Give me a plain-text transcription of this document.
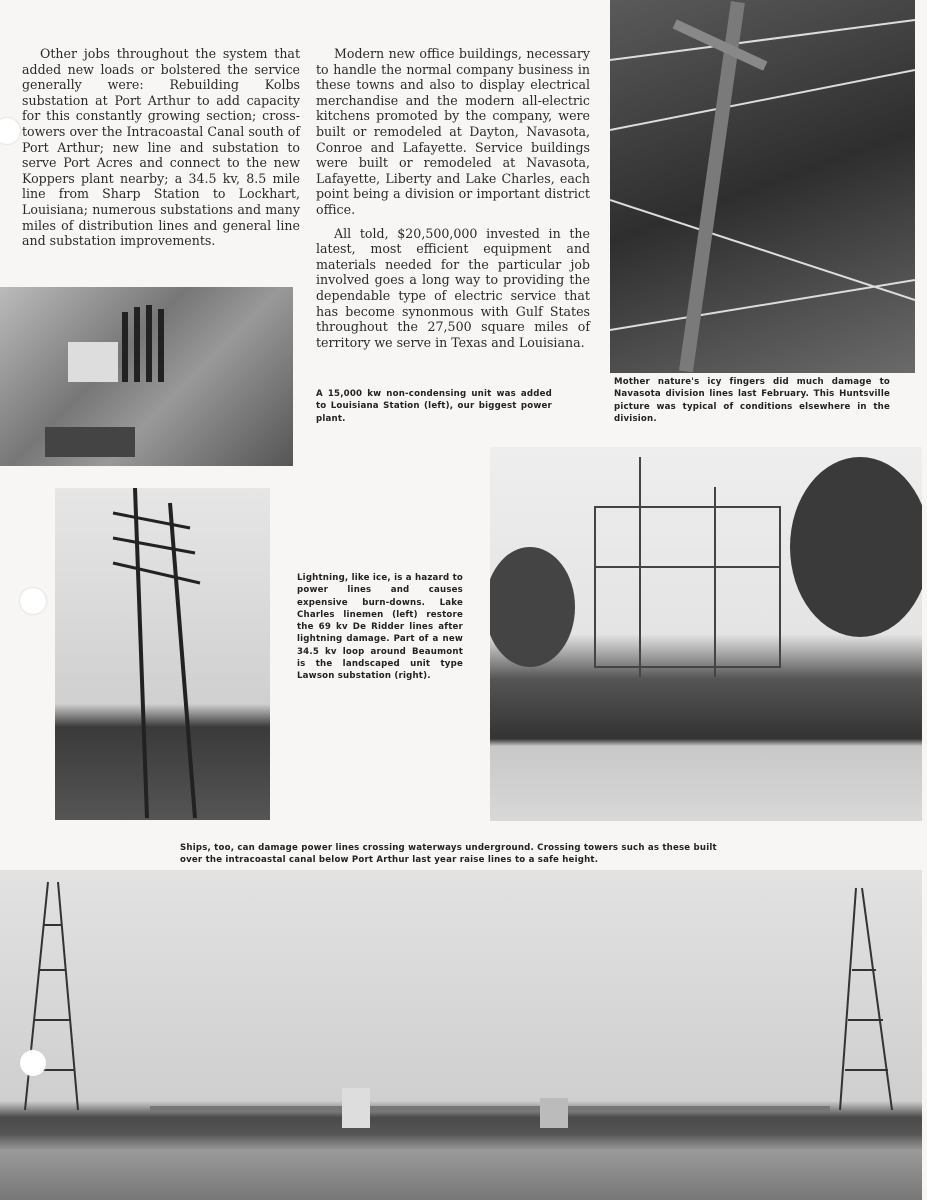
Other jobs throughout the system that added new loads or bolstered the service generally were: Rebuilding Kolbs substation at Port Arthur to add capacity for this constantly growing section; cross- towers over the Intracoastal Canal south of Port Arthur; new line and substation to serve Port Acres and connect to the new Koppers plant nearby; a 34.5 kv, 8.5 mile line from Sharp Station to Lockhart, Louisiana; numerous substations and many miles of distribution lines and general line and substation improvements.

Modern new office buildings, necessary to handle the normal company business in these towns and also to display electrical merchandise and the modern all-electric kitchens promoted by the company, were built or remodeled at Dayton, Navasota, Conroe and Lafayette. Service buildings were built or remodeled at Navasota, Lafayette, Liberty and Lake Charles, each point being a division or important district office.

All told, $20,500,000 invested in the latest, most efficient equipment and materials needed for the particular job involved goes a long way to providing the dependable type of electric service that has become synonmous with Gulf States throughout the 27,500 square miles of territory we serve in Texas and Louisiana.

Mother nature's icy fingers did much damage to Navasota division lines last February. This Huntsville picture was typical of conditions elsewhere in the division.
A 15,000 kw non-condensing unit was added to Louisiana Station (left), our biggest power plant.
Lightning, like ice, is a hazard to power lines and causes expensive burn-downs. Lake Charles linemen (left) restore the 69 kv De Ridder lines after lightning damage. Part of a new 34.5 kv loop around Beaumont is the landscaped unit type Lawson substation (right).
Ships, too, can damage power lines crossing waterways underground. Crossing towers such as these built over the intracoastal canal below Port Arthur last year raise lines to a safe height.
